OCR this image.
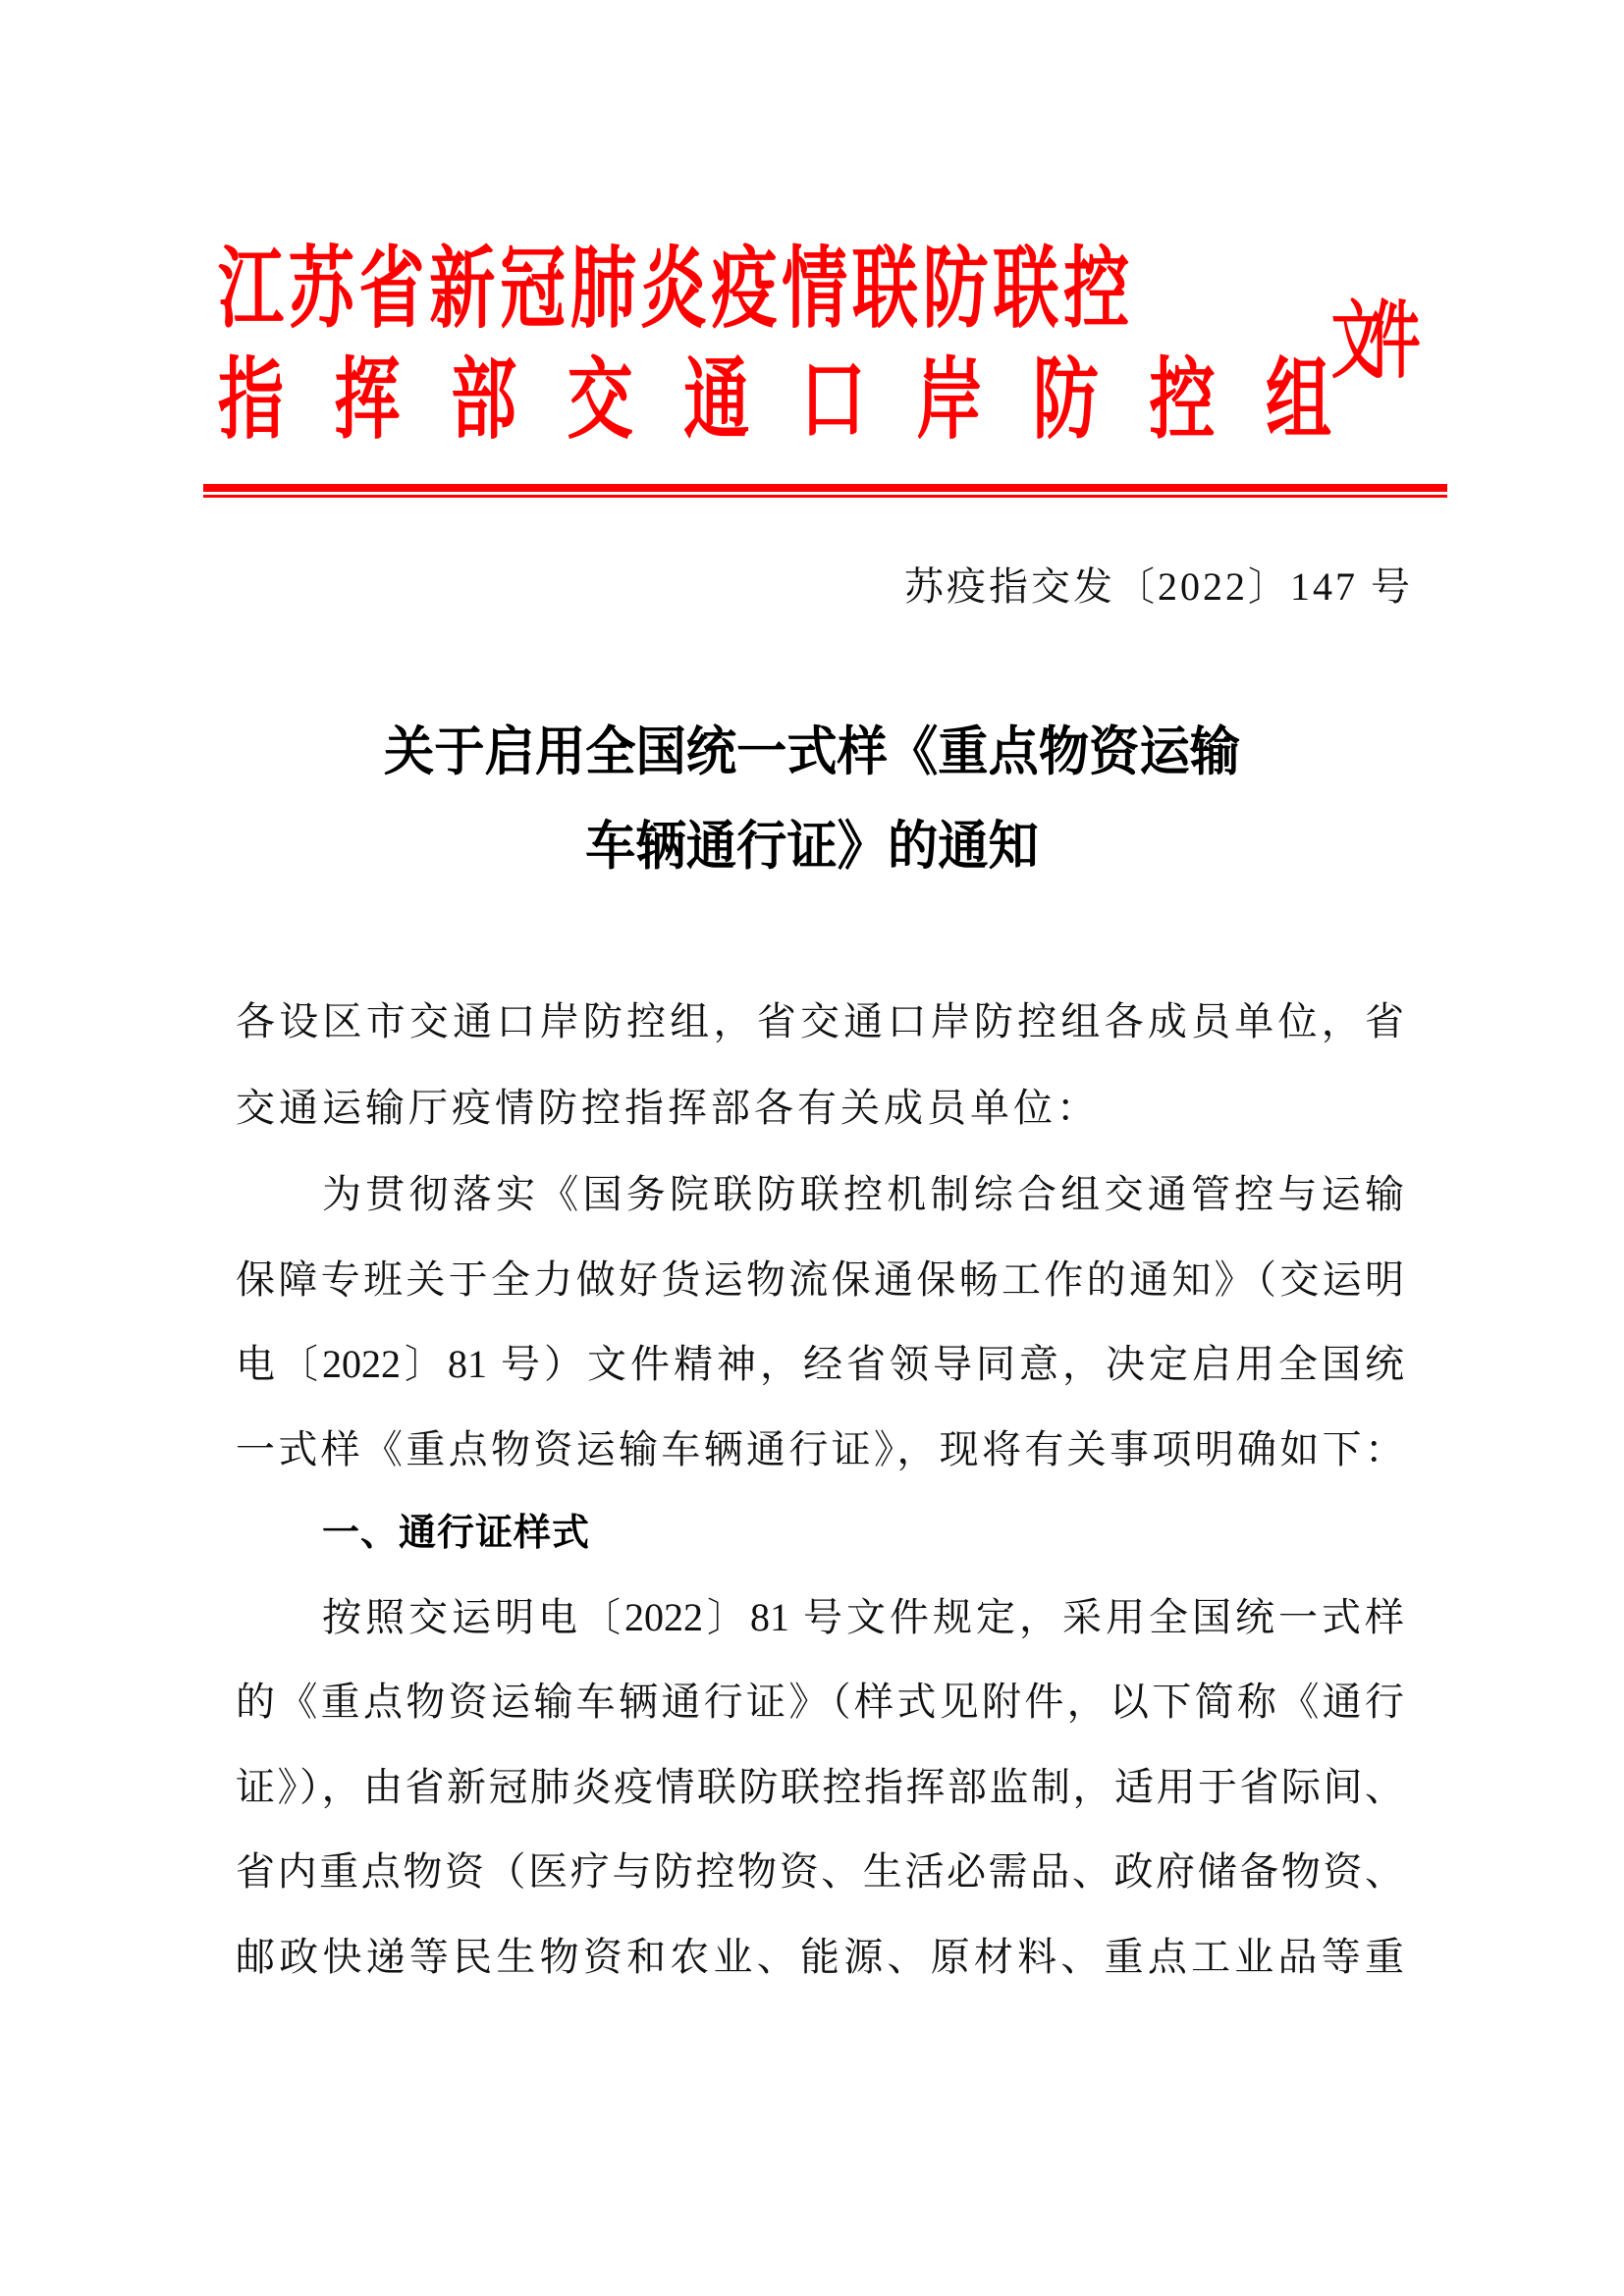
江苏省新冠肺炎疫情联防联控
指挥部交通口岸防控组
文件
苏疫指交发〔2022〕147 号
关于启用全国统一式样《重点物资运输
车辆通行证》的通知
各设区市交通口岸防控组，省交通口岸防控组各成员单位，省
交通运输厅疫情防控指挥部各有关成员单位：
为贯彻落实《国务院联防联控机制综合组交通管控与运输
保障专班关于全力做好货运物流保通保畅工作的通知》（交运明
电〔2022〕81 号）文件精神，经省领导同意，决定启用全国统
一式样《重点物资运输车辆通行证》，现将有关事项明确如下：
一、通行证样式
按照交运明电〔2022〕81 号文件规定，采用全国统一式样
的《重点物资运输车辆通行证》（样式见附件，以下简称《通行
证》），由省新冠肺炎疫情联防联控指挥部监制，适用于省际间、
省内重点物资（医疗与防控物资、生活必需品、政府储备物资、
邮政快递等民生物资和农业、能源、原材料、重点工业品等重
